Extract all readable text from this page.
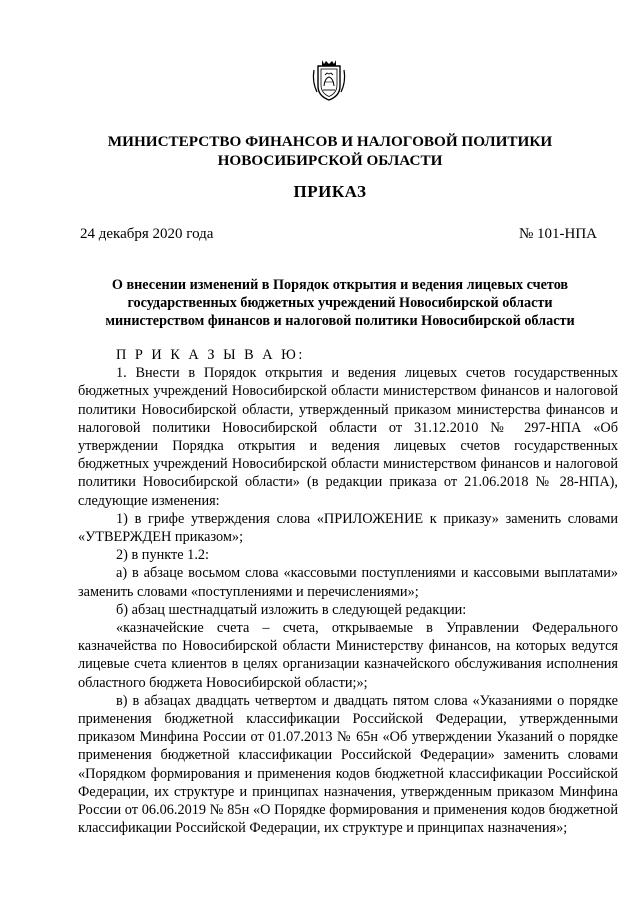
МИНИСТЕРСТВО ФИНАНСОВ И НАЛОГОВОЙ ПОЛИТИКИ
НОВОСИБИРСКОЙ ОБЛАСТИ
ПРИКАЗ
24 декабря 2020 года	№ 101-НПА
О внесении изменений в Порядок открытия и ведения лицевых счетов
государственных бюджетных учреждений Новосибирской области
министерством финансов и налоговой политики Новосибирской области

П Р И К А З Ы В А Ю:

1. Внести в Порядок открытия и ведения лицевых счетов государственных бюджетных учреждений Новосибирской области министерством финансов и налоговой политики Новосибирской области, утвержденный приказом министерства финансов и налоговой политики Новосибирской области от 31.12.2010 № 297-НПА «Об утверждении Порядка открытия и ведения лицевых счетов государственных бюджетных учреждений Новосибирской области министерством финансов и налоговой политики Новосибирской области» (в редакции приказа от 21.06.2018 № 28-НПА), следующие изменения:

1) в грифе утверждения слова «ПРИЛОЖЕНИЕ к приказу» заменить словами «УТВЕРЖДЕН приказом»;

2) в пункте 1.2:

а) в абзаце восьмом слова «кассовыми поступлениями и кассовыми выплатами» заменить словами «поступлениями и перечислениями»;

б) абзац шестнадцатый изложить в следующей редакции:

«казначейские счета – счета, открываемые в Управлении Федерального казначейства по Новосибирской области Министерству финансов, на которых ведутся лицевые счета клиентов в целях организации казначейского обслуживания исполнения областного бюджета Новосибирской области;»;

в) в абзацах двадцать четвертом и двадцать пятом слова «Указаниями о порядке применения бюджетной классификации Российской Федерации, утвержденными приказом Минфина России от 01.07.2013 № 65н «Об утверждении Указаний о порядке применения бюджетной классификации Российской Федерации» заменить словами «Порядком формирования и применения кодов бюджетной классификации Российской Федерации, их структуре и принципах назначения, утвержденным приказом Минфина России от 06.06.2019 № 85н «О Порядке формирования и применения кодов бюджетной классификации Российской Федерации, их структуре и принципах назначения»;
